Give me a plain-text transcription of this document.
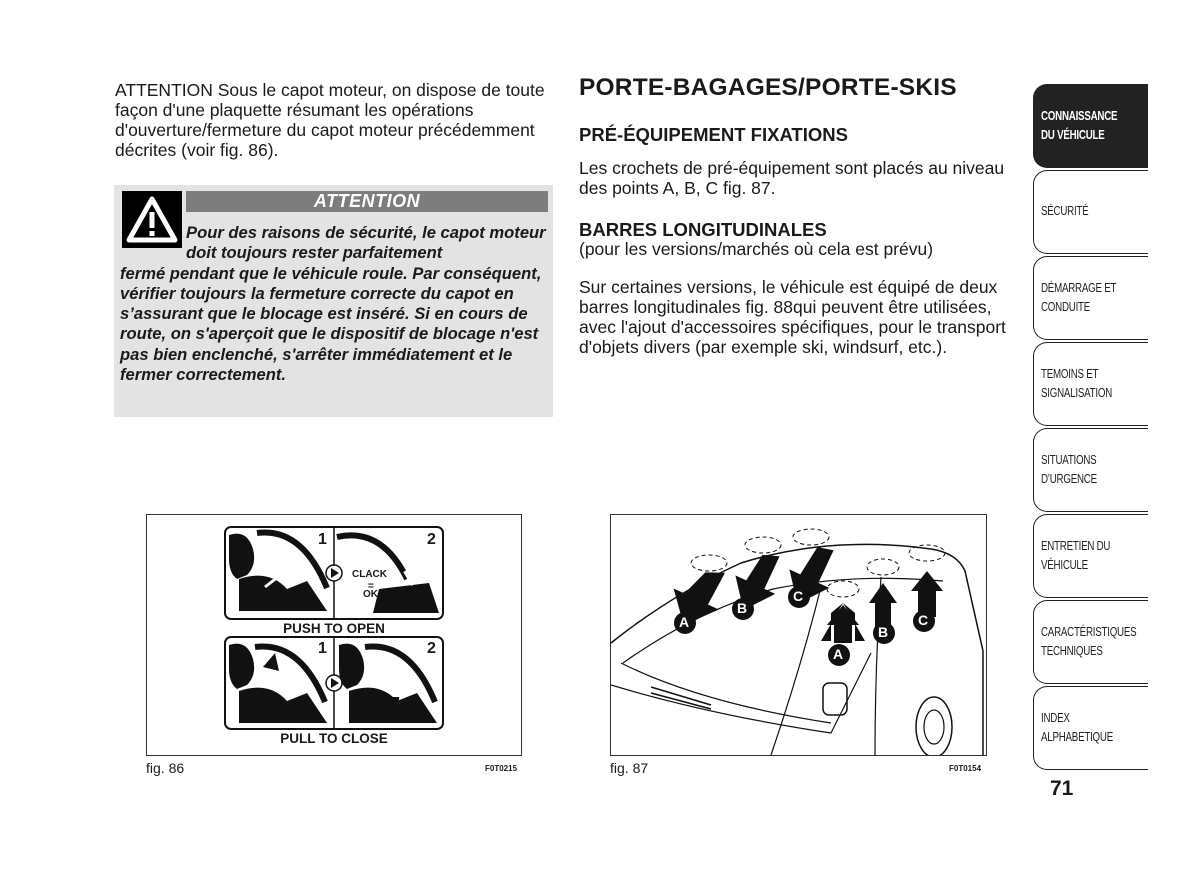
ATTENTION Sous le capot moteur, on dispose de toute façon d'une plaquette résumant les opérations d'ouverture/fermeture du capot moteur précédemment décrites (voir fig. 86).

ATTENTION

Pour des raisons de sécurité, le capot moteur doit toujours rester parfaitement
fermé pendant que le véhicule roule. Par conséquent, vérifier toujours la fermeture correcte du capot en s’assurant que le blocage est inséré. Si en cours de route, on s'aperçoit que le dispositif de blocage n'est pas bien enclenché, s'arrêter immédiatement et le fermer correctement.

PORTE-BAGAGES/PORTE-SKIS
PRÉ-ÉQUIPEMENT FIXATIONS

Les crochets de pré-équipement sont placés au niveau des points A, B, C fig. 87.

BARRES LONGITUDINALES

(pour les versions/marchés où cela est prévu)

Sur certaines versions, le véhicule est équipé de deux barres longitudinales fig. 88qui peuvent être utilisées, avec l'ajout d'accessoires spécifiques, pour le transport d'objets divers (par exemple ski, windsurf, etc.).

1	2
CLACK
=
OK
PUSH TO OPEN
1	2
PULL TO CLOSE
fig. 86	F0T0215
A
B
C
A
B
C
fig. 87	F0T0154
CONNAISSANCE DU VÉHICULE
SÉCURITÉ
DÉMARRAGE ET CONDUITE
TEMOINS ET SIGNALISATION
SITUATIONS D’URGENCE
ENTRETIEN DU VÉHICULE
CARACTÉRISTIQUES TECHNIQUES
INDEX ALPHABETIQUE
71
